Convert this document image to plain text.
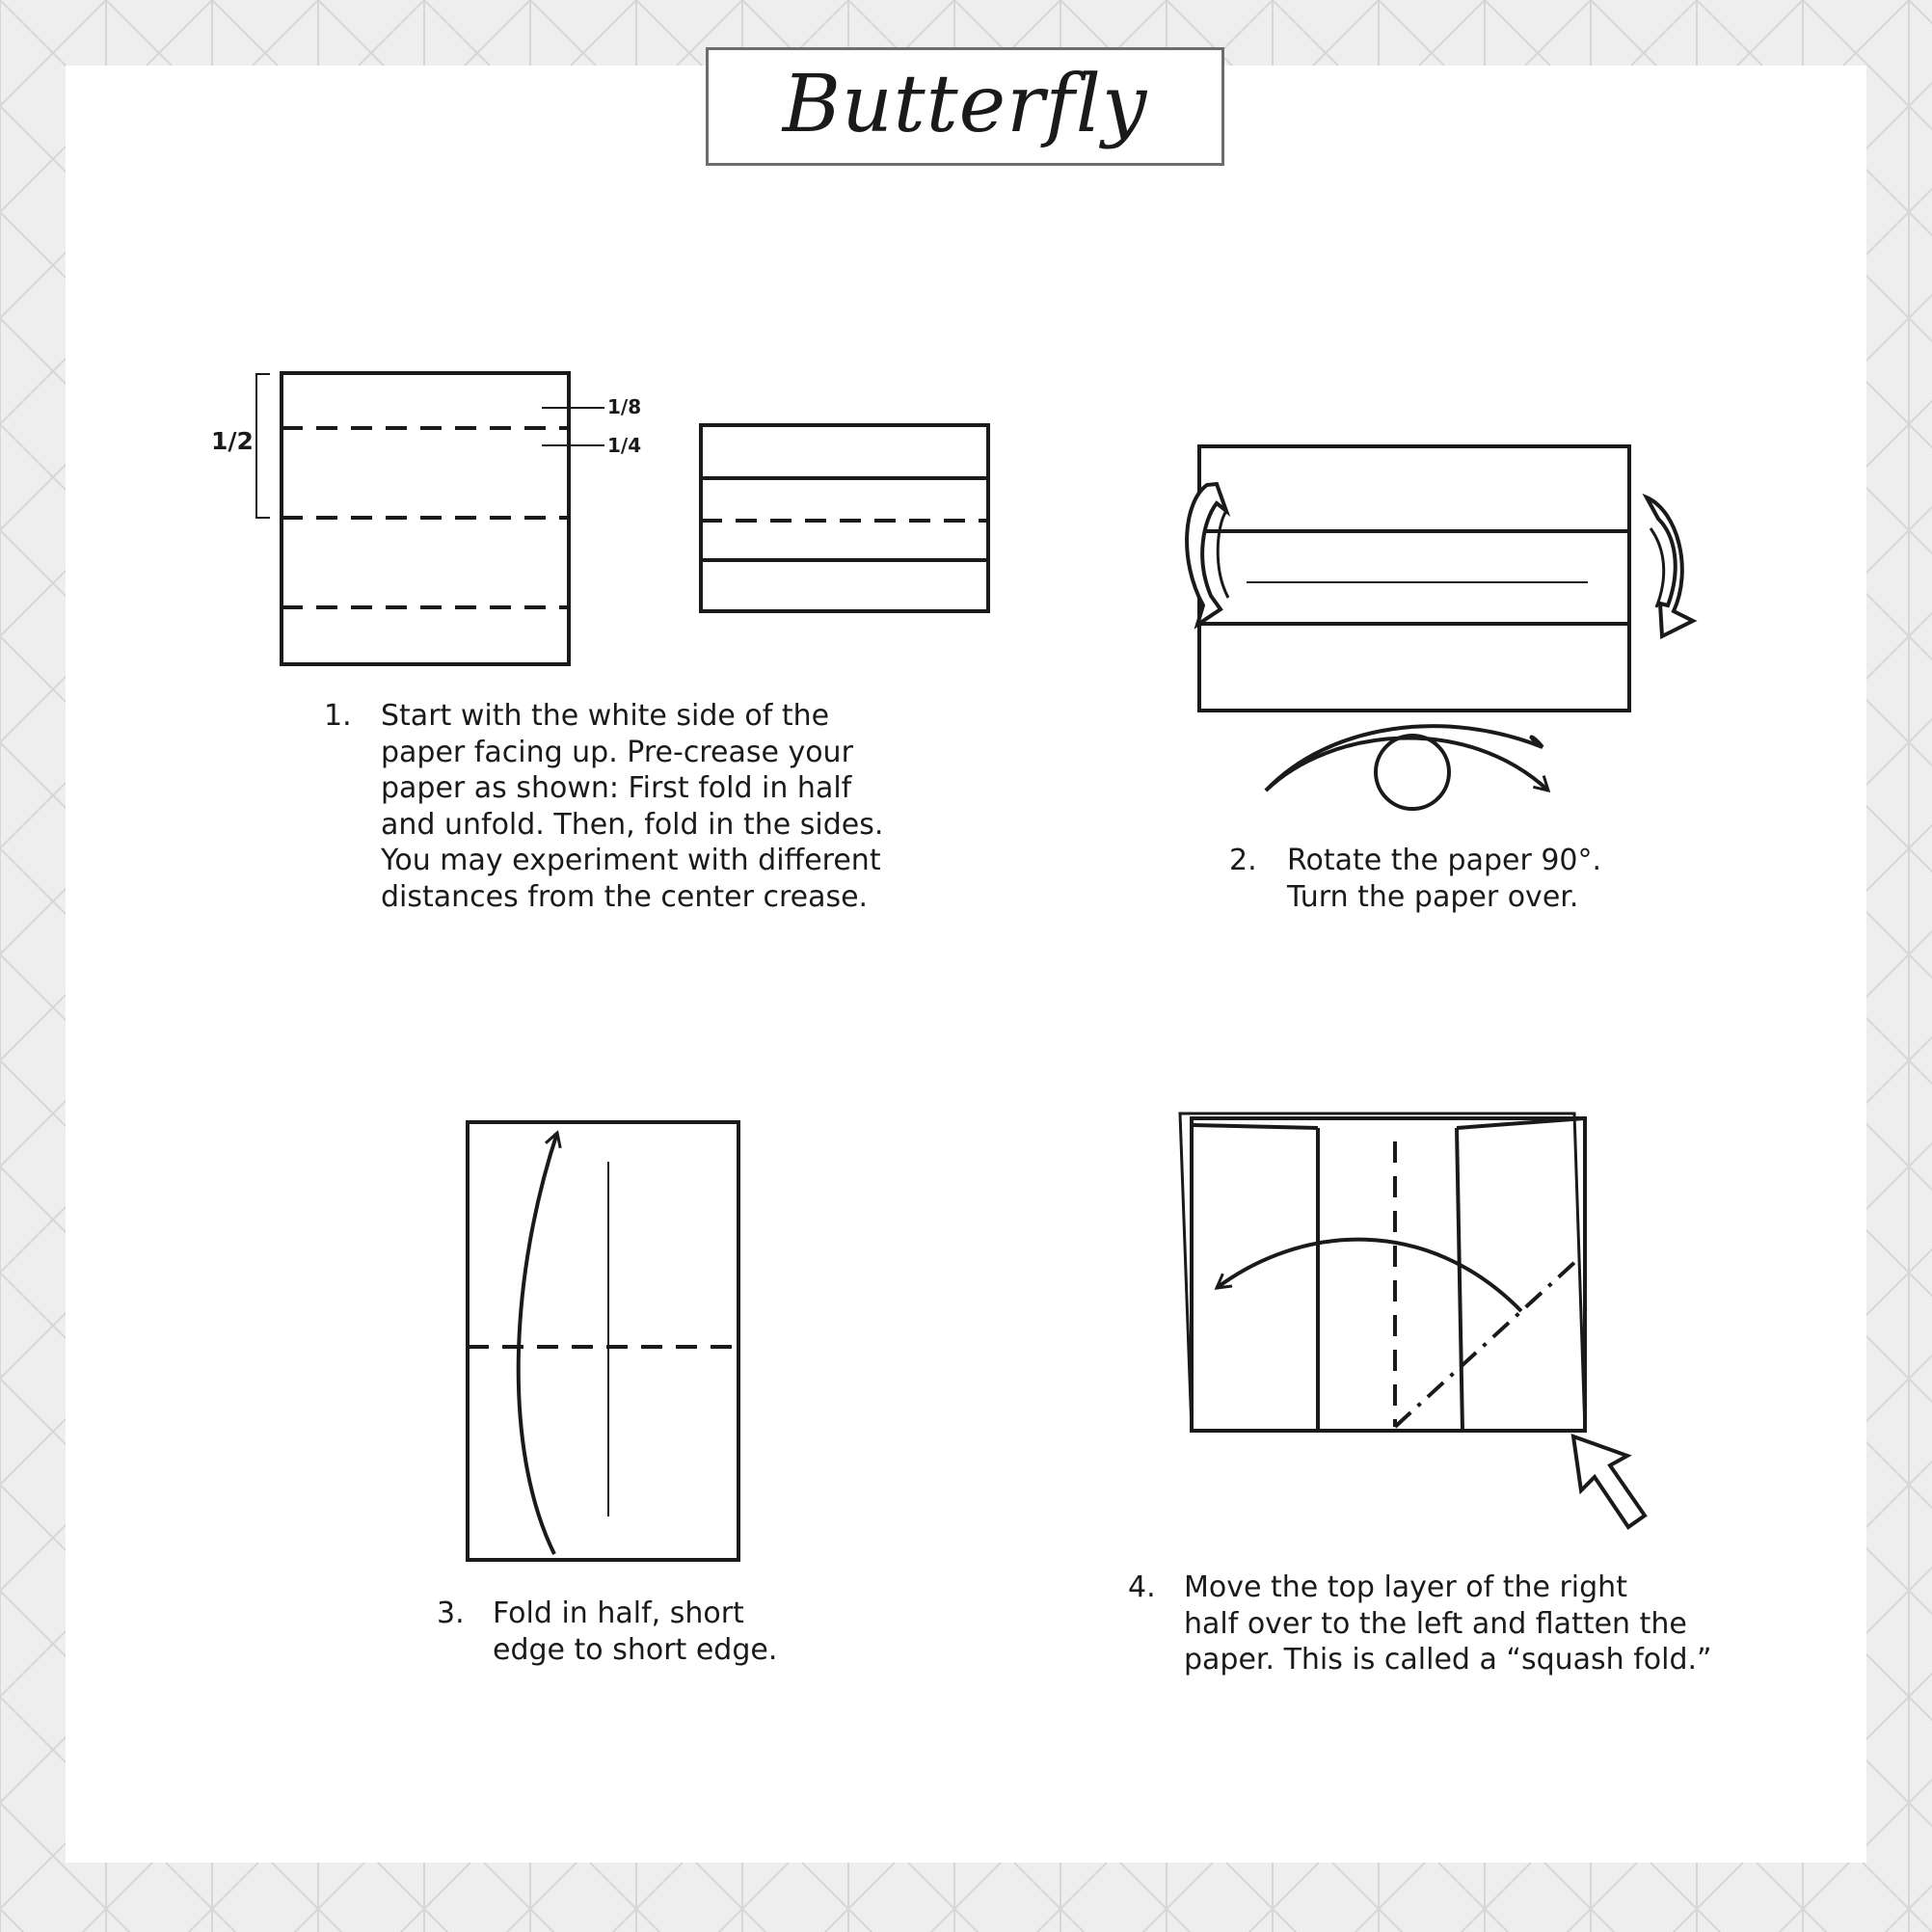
Butterfly
1/2
1/8
1/4
1. Start with the white side of the
paper facing up. Pre-crease your
paper as shown: First fold in half
and unfold. Then, fold in the sides.
You may experiment with different
distances from the center crease.
2. Rotate the paper 90°.
Turn the paper over.
3. Fold in half, short
edge to short edge.
4. Move the top layer of the right
half over to the left and flatten the
paper. This is called a “squash fold.”
